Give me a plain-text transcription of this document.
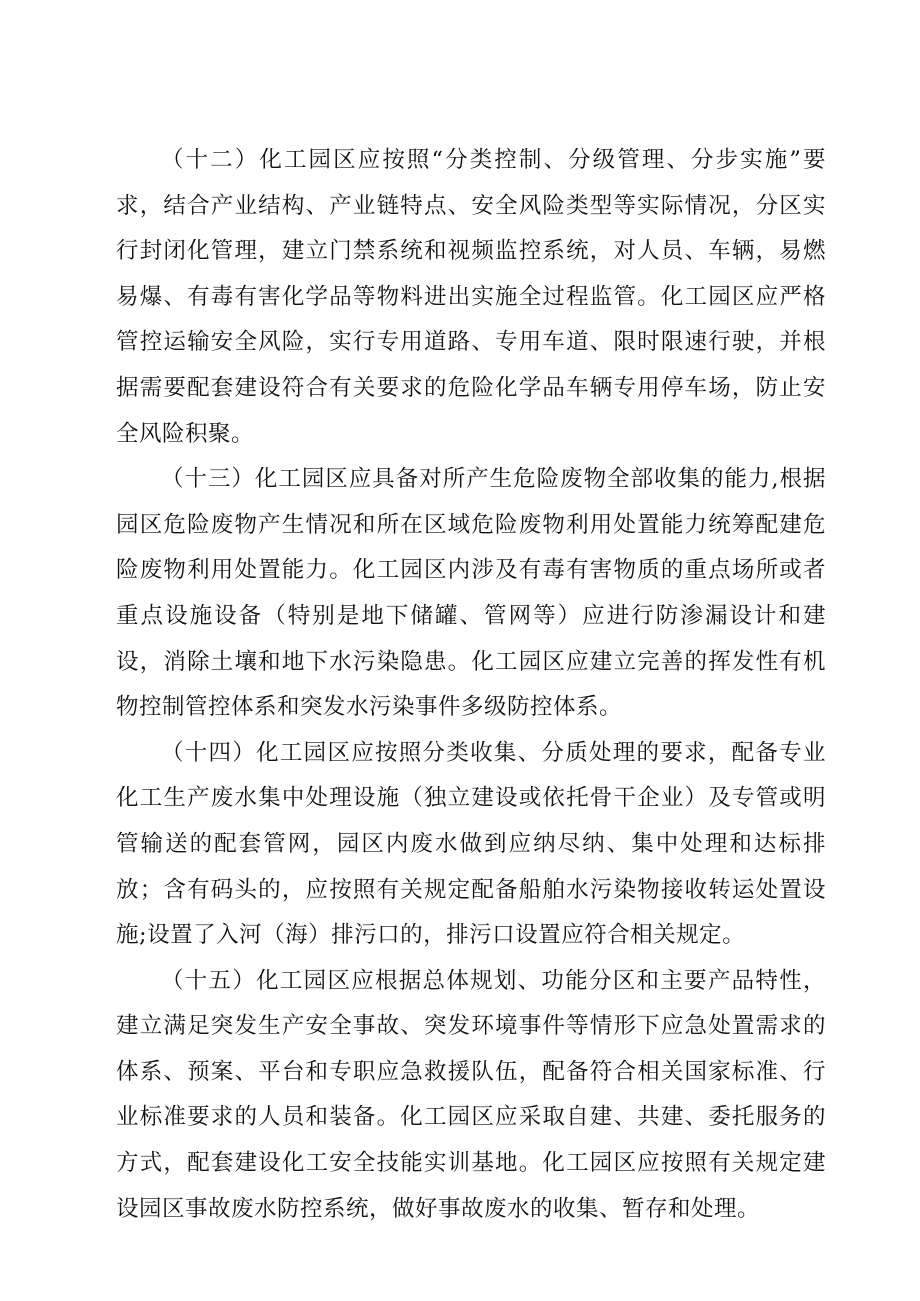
（十二）化工园区应按照“分类控制、分级管理、分步实施”要求，结合产业结构、产业链特点、安全风险类型等实际情况，分区实行封闭化管理，建立门禁系统和视频监控系统，对人员、车辆，易燃易爆、有毒有害化学品等物料进出实施全过程监管。化工园区应严格管控运输安全风险，实行专用道路、专用车道、限时限速行驶，并根据需要配套建设符合有关要求的危险化学品车辆专用停车场，防止安全风险积聚。

（十三）化工园区应具备对所产生危险废物全部收集的能力,根据园区危险废物产生情况和所在区域危险废物利用处置能力统筹配建危险废物利用处置能力。化工园区内涉及有毒有害物质的重点场所或者重点设施设备（特别是地下储罐、管网等）应进行防渗漏设计和建设，消除土壤和地下水污染隐患。化工园区应建立完善的挥发性有机物控制管控体系和突发水污染事件多级防控体系。

（十四）化工园区应按照分类收集、分质处理的要求，配备专业化工生产废水集中处理设施（独立建设或依托骨干企业）及专管或明管输送的配套管网，园区内废水做到应纳尽纳、集中处理和达标排放；含有码头的，应按照有关规定配备船舶水污染物接收转运处置设施;设置了入河（海）排污口的，排污口设置应符合相关规定。

（十五）化工园区应根据总体规划、功能分区和主要产品特性，建立满足突发生产安全事故、突发环境事件等情形下应急处置需求的体系、预案、平台和专职应急救援队伍，配备符合相关国家标准、行业标准要求的人员和装备。化工园区应采取自建、共建、委托服务的方式，配套建设化工安全技能实训基地。化工园区应按照有关规定建设园区事故废水防控系统，做好事故废水的收集、暂存和处理。
